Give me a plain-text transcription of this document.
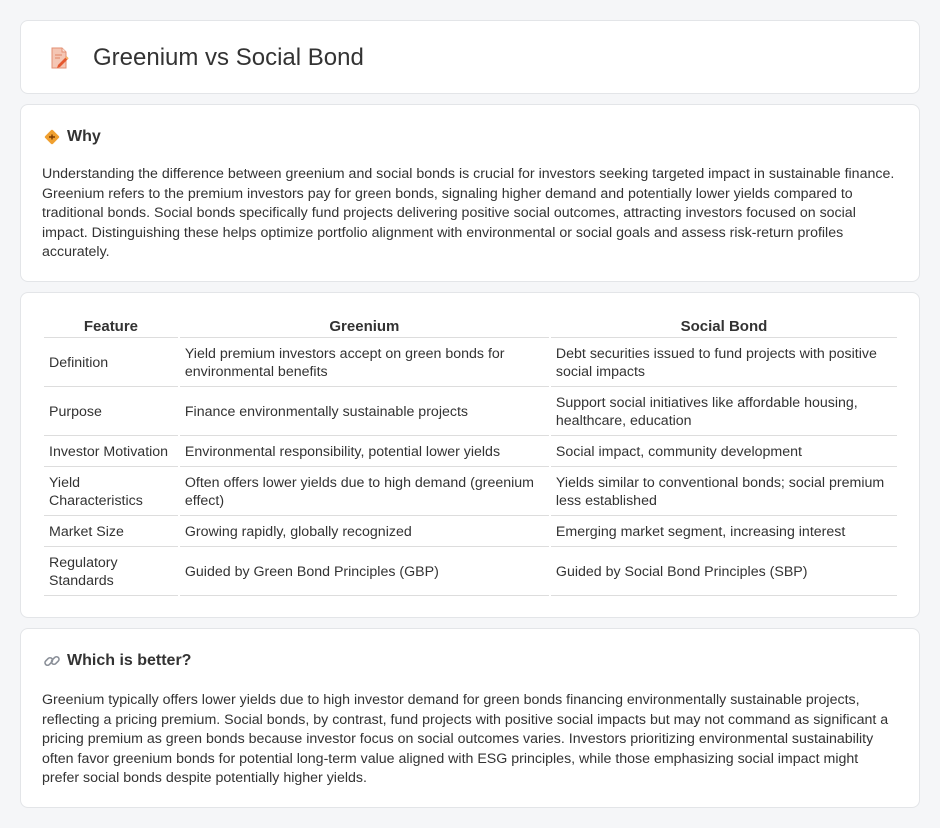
Greenium vs Social Bond
Why

Understanding the difference between greenium and social bonds is crucial for investors seeking targeted impact in sustainable finance. Greenium refers to the premium investors pay for green bonds, signaling higher demand and potentially lower yields compared to traditional bonds. Social bonds specifically fund projects delivering positive social outcomes, attracting investors focused on social impact. Distinguishing these helps optimize portfolio alignment with environmental or social goals and assess risk-return profiles accurately.

Feature	Greenium	Social Bond
Definition	Yield premium investors accept on green bonds for environmental benefits	Debt securities issued to fund projects with positive social impacts
Purpose	Finance environmentally sustainable projects	Support social initiatives like affordable housing, healthcare, education
Investor Motivation	Environmental responsibility, potential lower yields	Social impact, community development
Yield Characteristics	Often offers lower yields due to high demand (greenium effect)	Yields similar to conventional bonds; social premium less established
Market Size	Growing rapidly, globally recognized	Emerging market segment, increasing interest
Regulatory Standards	Guided by Green Bond Principles (GBP)	Guided by Social Bond Principles (SBP)
Which is better?

Greenium typically offers lower yields due to high investor demand for green bonds financing environmentally sustainable projects, reflecting a pricing premium. Social bonds, by contrast, fund projects with positive social impacts but may not command as significant a pricing premium as green bonds because investor focus on social outcomes varies. Investors prioritizing environmental sustainability often favor greenium bonds for potential long-term value aligned with ESG principles, while those emphasizing social impact might prefer social bonds despite potentially higher yields.
